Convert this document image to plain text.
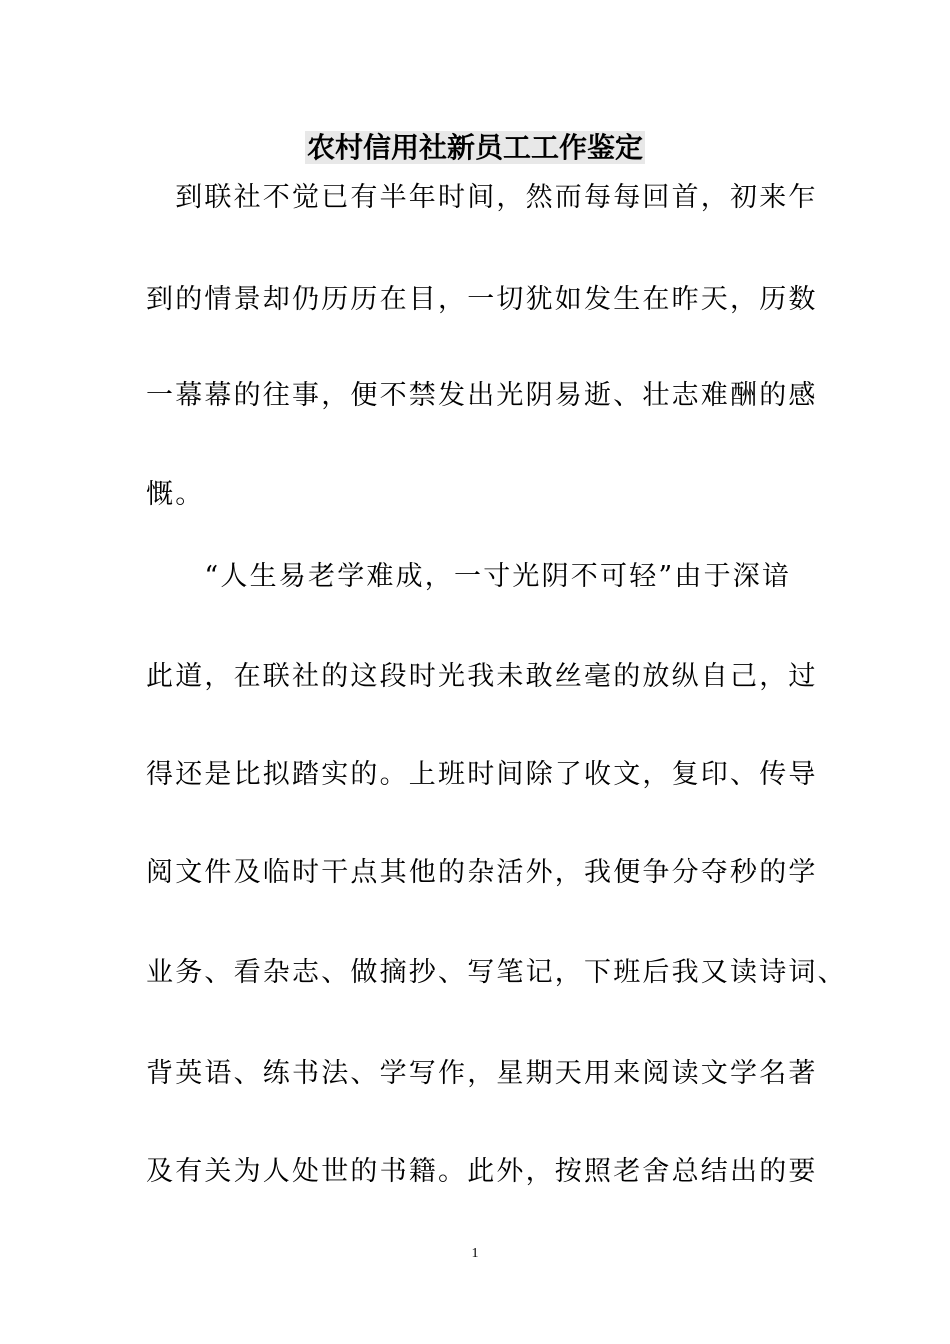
农村信用社新员工工作鉴定
　到联社不觉已有半年时间，然而每每回首，初来乍
到的情景却仍历历在目，一切犹如发生在昨天，历数
一幕幕的往事，便不禁发出光阴易逝、壮志难酬的感
慨。
　　“人生易老学难成，一寸光阴不可轻”由于深谙
此道，在联社的这段时光我未敢丝毫的放纵自己，过
得还是比拟踏实的。上班时间除了收文，复印、传导
阅文件及临时干点其他的杂活外，我便争分夺秒的学
业务、看杂志、做摘抄、写笔记，下班后我又读诗词、
背英语、练书法、学写作，星期天用来阅读文学名著
及有关为人处世的书籍。此外，按照老舍总结出的要
1
